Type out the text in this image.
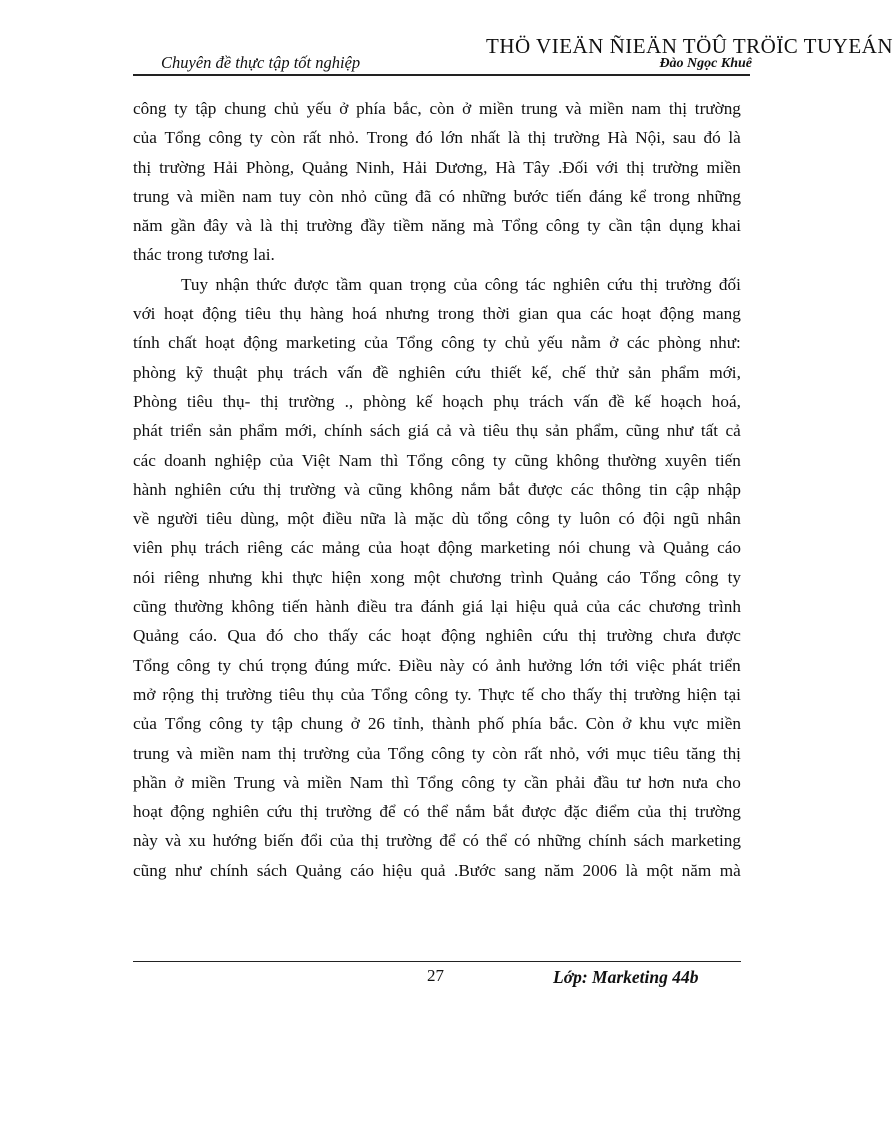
THÖ VIEÄN ÑIEÄN TÖÛ TRÖÏC TUYEÁN
Chuyên đề thực tập tốt nghiệp	Đào Ngọc Khuê
công ty tập chung chủ yếu ở phía bắc, còn ở miền trung và miền nam thị trường
của Tổng công ty còn rất nhỏ. Trong đó lớn nhất là thị trường Hà Nội, sau đó là
thị trường Hải Phòng, Quảng Ninh, Hải Dương, Hà Tây .Đối với thị trường miền
trung và miền nam tuy còn nhỏ cũng đã có những bước tiến đáng kể trong những
năm gần đây và là thị trường đầy tiềm năng mà Tổng công ty cần tận dụng khai
thác trong tương lai.
Tuy nhận thức được tầm quan trọng của công tác nghiên cứu thị trường đối
với hoạt động tiêu thụ hàng hoá nhưng trong thời gian qua các hoạt động mang
tính chất hoạt động marketing của Tổng công ty chủ yếu nằm ở các phòng như:
phòng kỹ thuật phụ trách vấn đề nghiên cứu thiết kế, chế thử sản phẩm mới,
Phòng tiêu thụ- thị trường ., phòng kế hoạch phụ trách vấn đề kế hoạch hoá,
phát triển sản phẩm mới, chính sách giá cả và tiêu thụ sản phẩm, cũng như tất cả
các doanh nghiệp của Việt Nam thì Tổng công ty cũng không thường xuyên tiến
hành nghiên cứu thị trường và cũng không nắm bắt được các thông tin cập nhập
về người tiêu dùng, một điều nữa là mặc dù tổng công ty luôn có đội ngũ nhân
viên phụ trách riêng các mảng của hoạt động marketing nói chung và Quảng cáo
nói riêng nhưng khi thực hiện xong một chương trình Quảng cáo Tổng công ty
cũng thường không tiến hành điều tra đánh giá lại hiệu quả của các chương trình
Quảng cáo. Qua đó cho thấy các hoạt động nghiên cứu thị trường chưa được
Tổng công ty chú trọng đúng mức. Điều này có ảnh hưởng lớn tới việc phát triển
mở rộng thị trường tiêu thụ của Tổng công ty. Thực tế cho thấy thị trường hiện tại
của Tổng công ty tập chung ở 26 tỉnh, thành phố phía bắc. Còn ở khu vực miền
trung và miền nam thị trường của Tổng công ty còn rất nhỏ, với mục tiêu tăng thị
phần ở miền Trung và miền Nam thì Tổng công ty cần phải đầu tư hơn nưa cho
hoạt động nghiên cứu thị trường để có thể nắm bắt được đặc điểm của thị trường
này và xu hướng biến đổi của thị trường để có thể có những chính sách marketing
cũng như chính sách Quảng cáo hiệu quả .Bước sang năm 2006 là một năm mà
27	Lớp: Marketing 44b
